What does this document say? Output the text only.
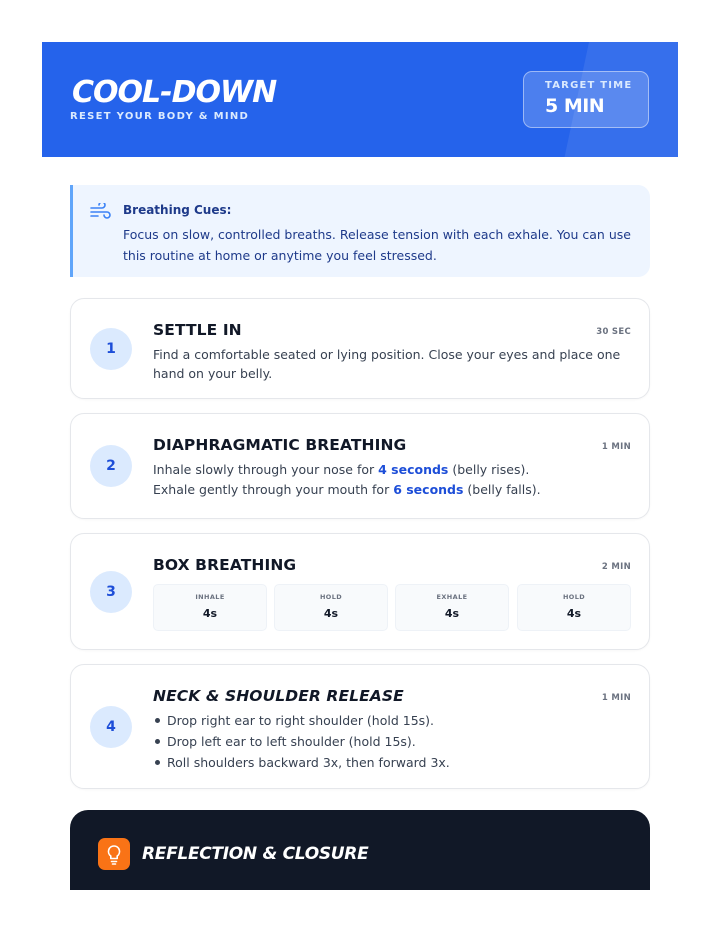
COOL-DOWN
RESET YOUR BODY & MIND
TARGET TIME
5 MIN
Breathing Cues:
Focus on slow, controlled breaths. Release tension with each exhale. You can use this routine at home or anytime you feel stressed.
1
SETTLE IN	30 SEC
Find a comfortable seated or lying position. Close your eyes and place one hand on your belly.
2
DIAPHRAGMATIC BREATHING	1 MIN
Inhale slowly through your nose for 4 seconds (belly rises).
Exhale gently through your mouth for 6 seconds (belly falls).
3
BOX BREATHING	2 MIN
INHALE
4s
HOLD
4s
EXHALE
4s
HOLD
4s
4
NECK & SHOULDER RELEASE	1 MIN
Drop right ear to right shoulder (hold 15s).
Drop left ear to left shoulder (hold 15s).
Roll shoulders backward 3x, then forward 3x.
REFLECTION & CLOSURE
